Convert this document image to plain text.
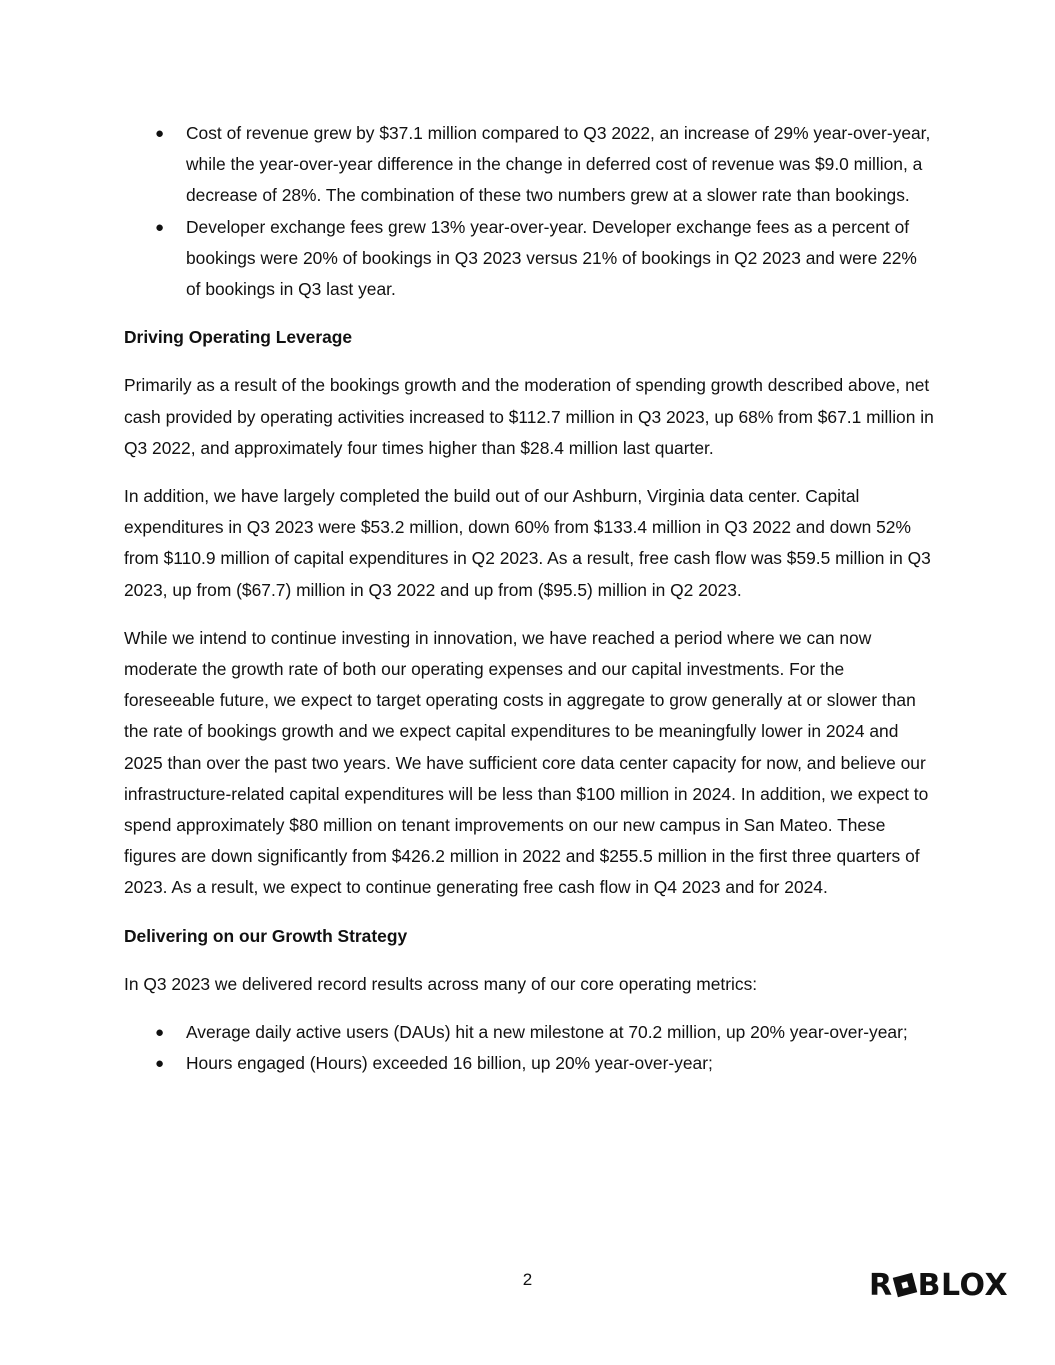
● Cost of revenue grew by $37.1 million compared to Q3 2022, an increase of 29% year-over-year, while the year-over-year difference in the change in deferred cost of revenue was $9.0 million, a decrease of 28%. The combination of these two numbers grew at a slower rate than bookings.
● Developer exchange fees grew 13% year-over-year. Developer exchange fees as a percent of bookings were 20% of bookings in Q3 2023 versus 21% of bookings in Q2 2023 and were 22% of bookings in Q3 last year.
Driving Operating Leverage

Primarily as a result of the bookings growth and the moderation of spending growth described above, net cash provided by operating activities increased to $112.7 million in Q3 2023, up 68% from $67.1 million in Q3 2022, and approximately four times higher than $28.4 million last quarter.

In addition, we have largely completed the build out of our Ashburn, Virginia data center. Capital expenditures in Q3 2023 were $53.2 million, down 60% from $133.4 million in Q3 2022 and down 52% from $110.9 million of capital expenditures in Q2 2023. As a result, free cash flow was $59.5 million in Q3 2023, up from ($67.7) million in Q3 2022 and up from ($95.5) million in Q2 2023.

While we intend to continue investing in innovation, we have reached a period where we can now moderate the growth rate of both our operating expenses and our capital investments. For the foreseeable future, we expect to target operating costs in aggregate to grow generally at or slower than the rate of bookings growth and we expect capital expenditures to be meaningfully lower in 2024 and 2025 than over the past two years. We have sufficient core data center capacity for now, and believe our infrastructure-related capital expenditures will be less than $100 million in 2024. In addition, we expect to spend approximately $80 million on tenant improvements on our new campus in San Mateo. These figures are down significantly from $426.2 million in 2022 and $255.5 million in the first three quarters of 2023. As a result, we expect to continue generating free cash flow in Q4 2023 and for 2024.

Delivering on our Growth Strategy

In Q3 2023 we delivered record results across many of our core operating metrics:

● Average daily active users (DAUs) hit a new milestone at 70.2 million, up 20% year-over-year;
● Hours engaged (Hours) exceeded 16 billion, up 20% year-over-year;
2	R BLOX
